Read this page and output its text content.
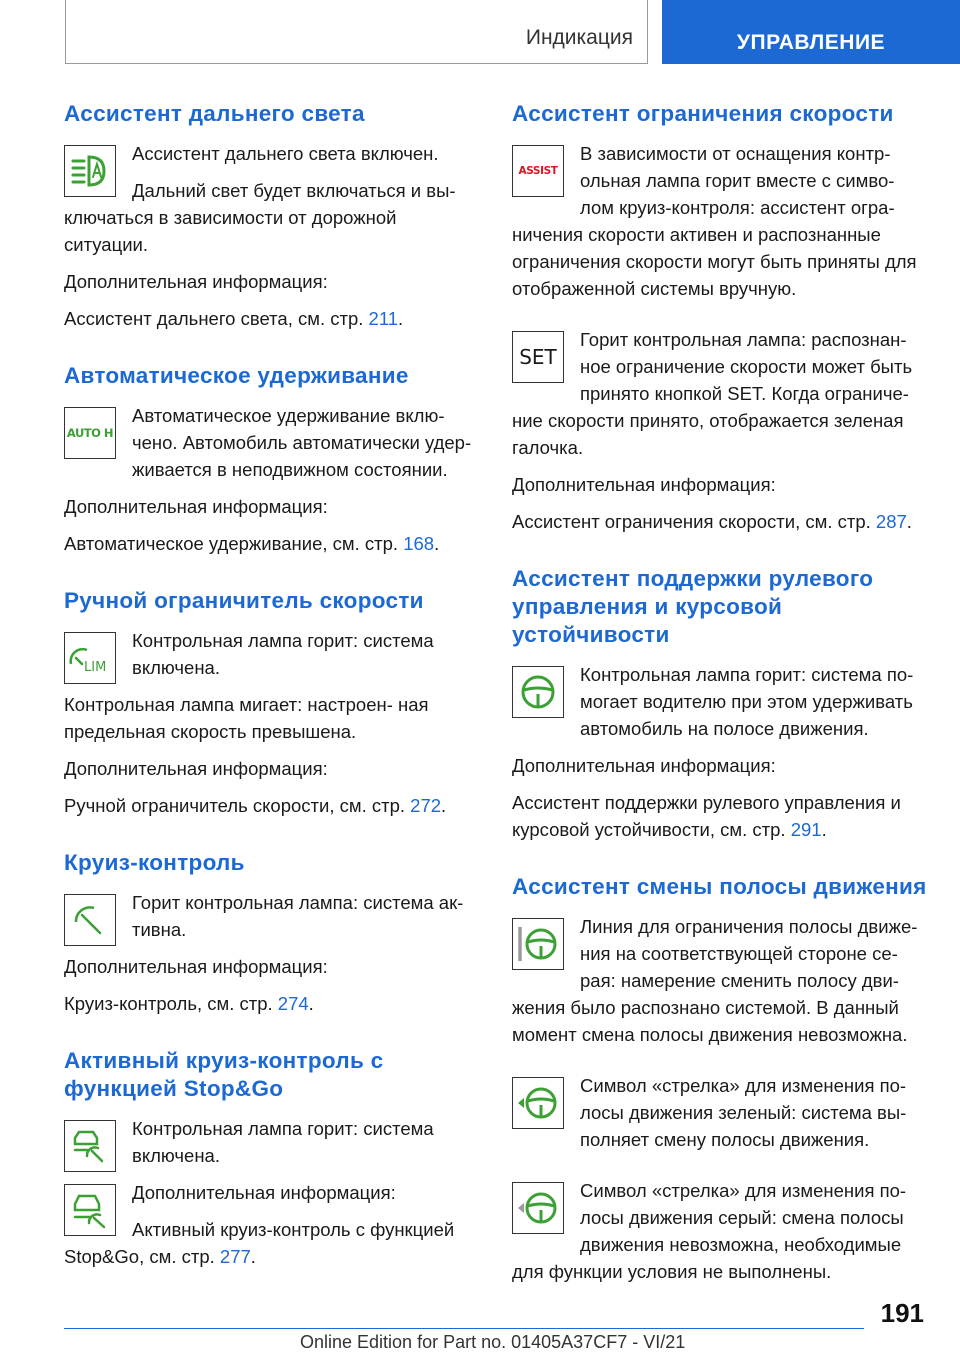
Индикация	УПРАВЛЕНИЕ
Ассистент дальнего света

Ассистент дальнего света включен.

Дальний свет будет включаться и вы- ключаться в зависимости от дорожной ситуации.

Дополнительная информация:

Ассистент дальнего света, см. стр. 211.

Автоматическое удерживание
AUTO H

Автоматическое удерживание вклю- чено. Автомобиль автоматически удер- живается в неподвижном состоянии.

Дополнительная информация:

Автоматическое удерживание, см. стр. 168.

Ручной ограничитель скорости
LIM

Контрольная лампа горит: система включена.

Контрольная лампа мигает: настроен- ная предельная скорость превышена.

Дополнительная информация:

Ручной ограничитель скорости, см. стр. 272.

Круиз-контроль

Горит контрольная лампа: система ак- тивна.

Дополнительная информация:

Круиз-контроль, см. стр. 274.

Активный круиз-контроль с функцией Stop&Go

Контрольная лампа горит: система включена.

Дополнительная информация:

Активный круиз-контроль с функцией Stop&Go, см. стр. 277.

Ассистент ограничения скорости
ASSIST

В зависимости от оснащения контр- ольная лампа горит вместе с симво- лом круиз-контроля: ассистент огра- ничения скорости активен и распознанные ограничения скорости могут быть приняты для отображенной системы вручную.

SET

Горит контрольная лампа: распознан- ное ограничение скорости может быть принято кнопкой SET. Когда ограниче- ние скорости принято, отображается зеленая галочка.

Дополнительная информация:

Ассистент ограничения скорости, см. стр. 287.

Ассистент поддержки рулевого управления и курсовой устойчивости

Контрольная лампа горит: система по- могает водителю при этом удерживать автомобиль на полосе движения.

Дополнительная информация:

Ассистент поддержки рулевого управления и курсовой устойчивости, см. стр. 291.

Ассистент смены полосы движения

Линия для ограничения полосы движе- ния на соответствующей стороне се- рая: намерение сменить полосу дви- жения было распознано системой. В данный момент смена полосы движения невозможна.

Символ «стрелка» для изменения по- лосы движения зеленый: система вы- полняет смену полосы движения.

Символ «стрелка» для изменения по- лосы движения серый: смена полосы движения невозможна, необходимые для функции условия не выполнены.

191
Online Edition for Part no. 01405A37CF7 - VI/21
